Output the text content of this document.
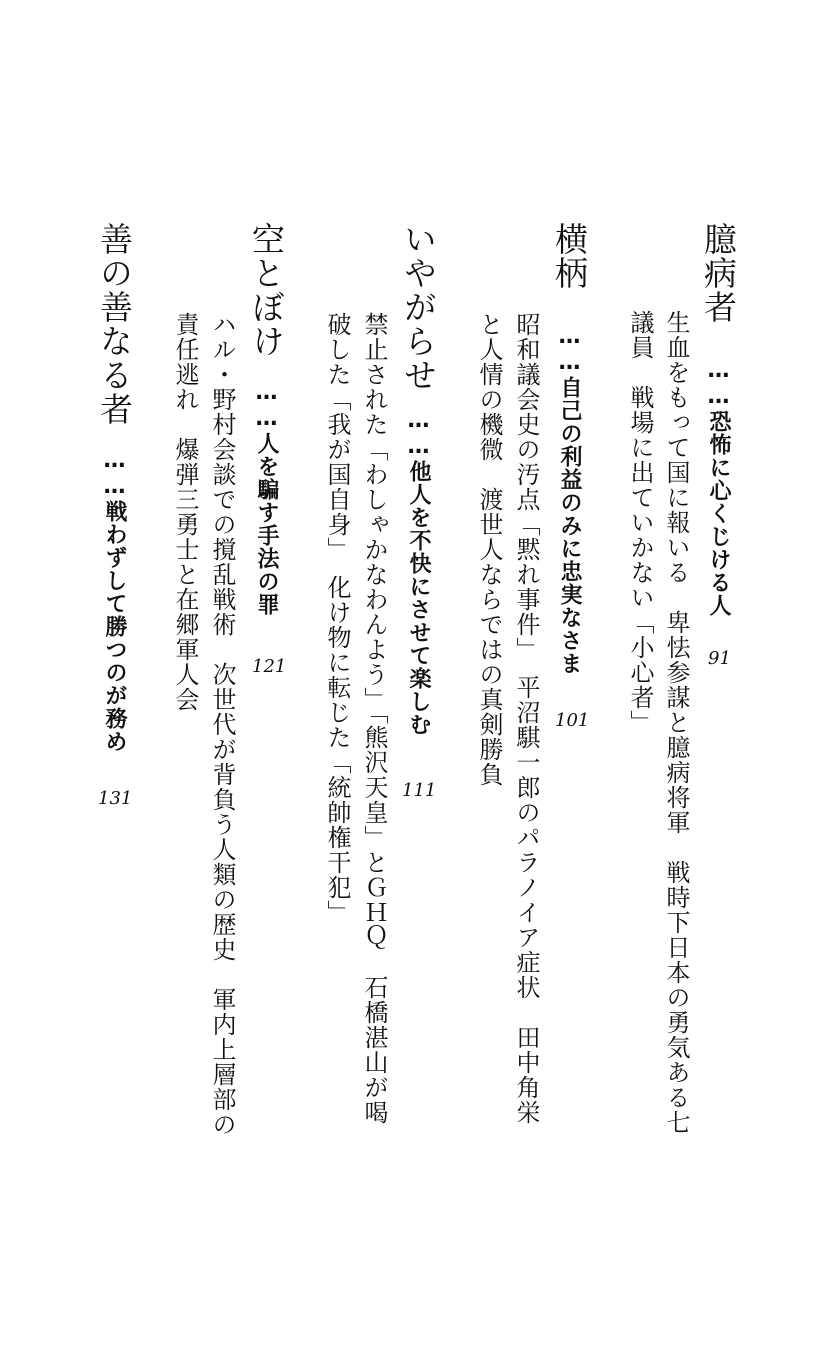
臆病者……恐怖に心くじける人
91
生血をもって国に報いる　卑怯参謀と臆病将軍　戦時下日本の勇気ある七
議員　戦場に出ていかない「小心者」
横柄……自己の利益のみに忠実なさま
101
昭和議会史の汚点「黙れ事件」　平沼騏一郎のパラノイア症状　田中角栄
と人情の機微　渡世人ならではの真剣勝負
いやがらせ……他人を不快にさせて楽しむ
111
禁止された「わしゃかなわんよう」「熊沢天皇」とＧＨＱ　石橋湛山が喝
破した「我が国自身」　化け物に転じた「統帥権干犯」
空とぼけ……人を騙す手法の罪
121
ハル・野村会談での撹乱戦術　次世代が背負う人類の歴史　軍内上層部の
責任逃れ　爆弾三勇士と在郷軍人会
善の善なる者……戦わずして勝つのが務め
131
